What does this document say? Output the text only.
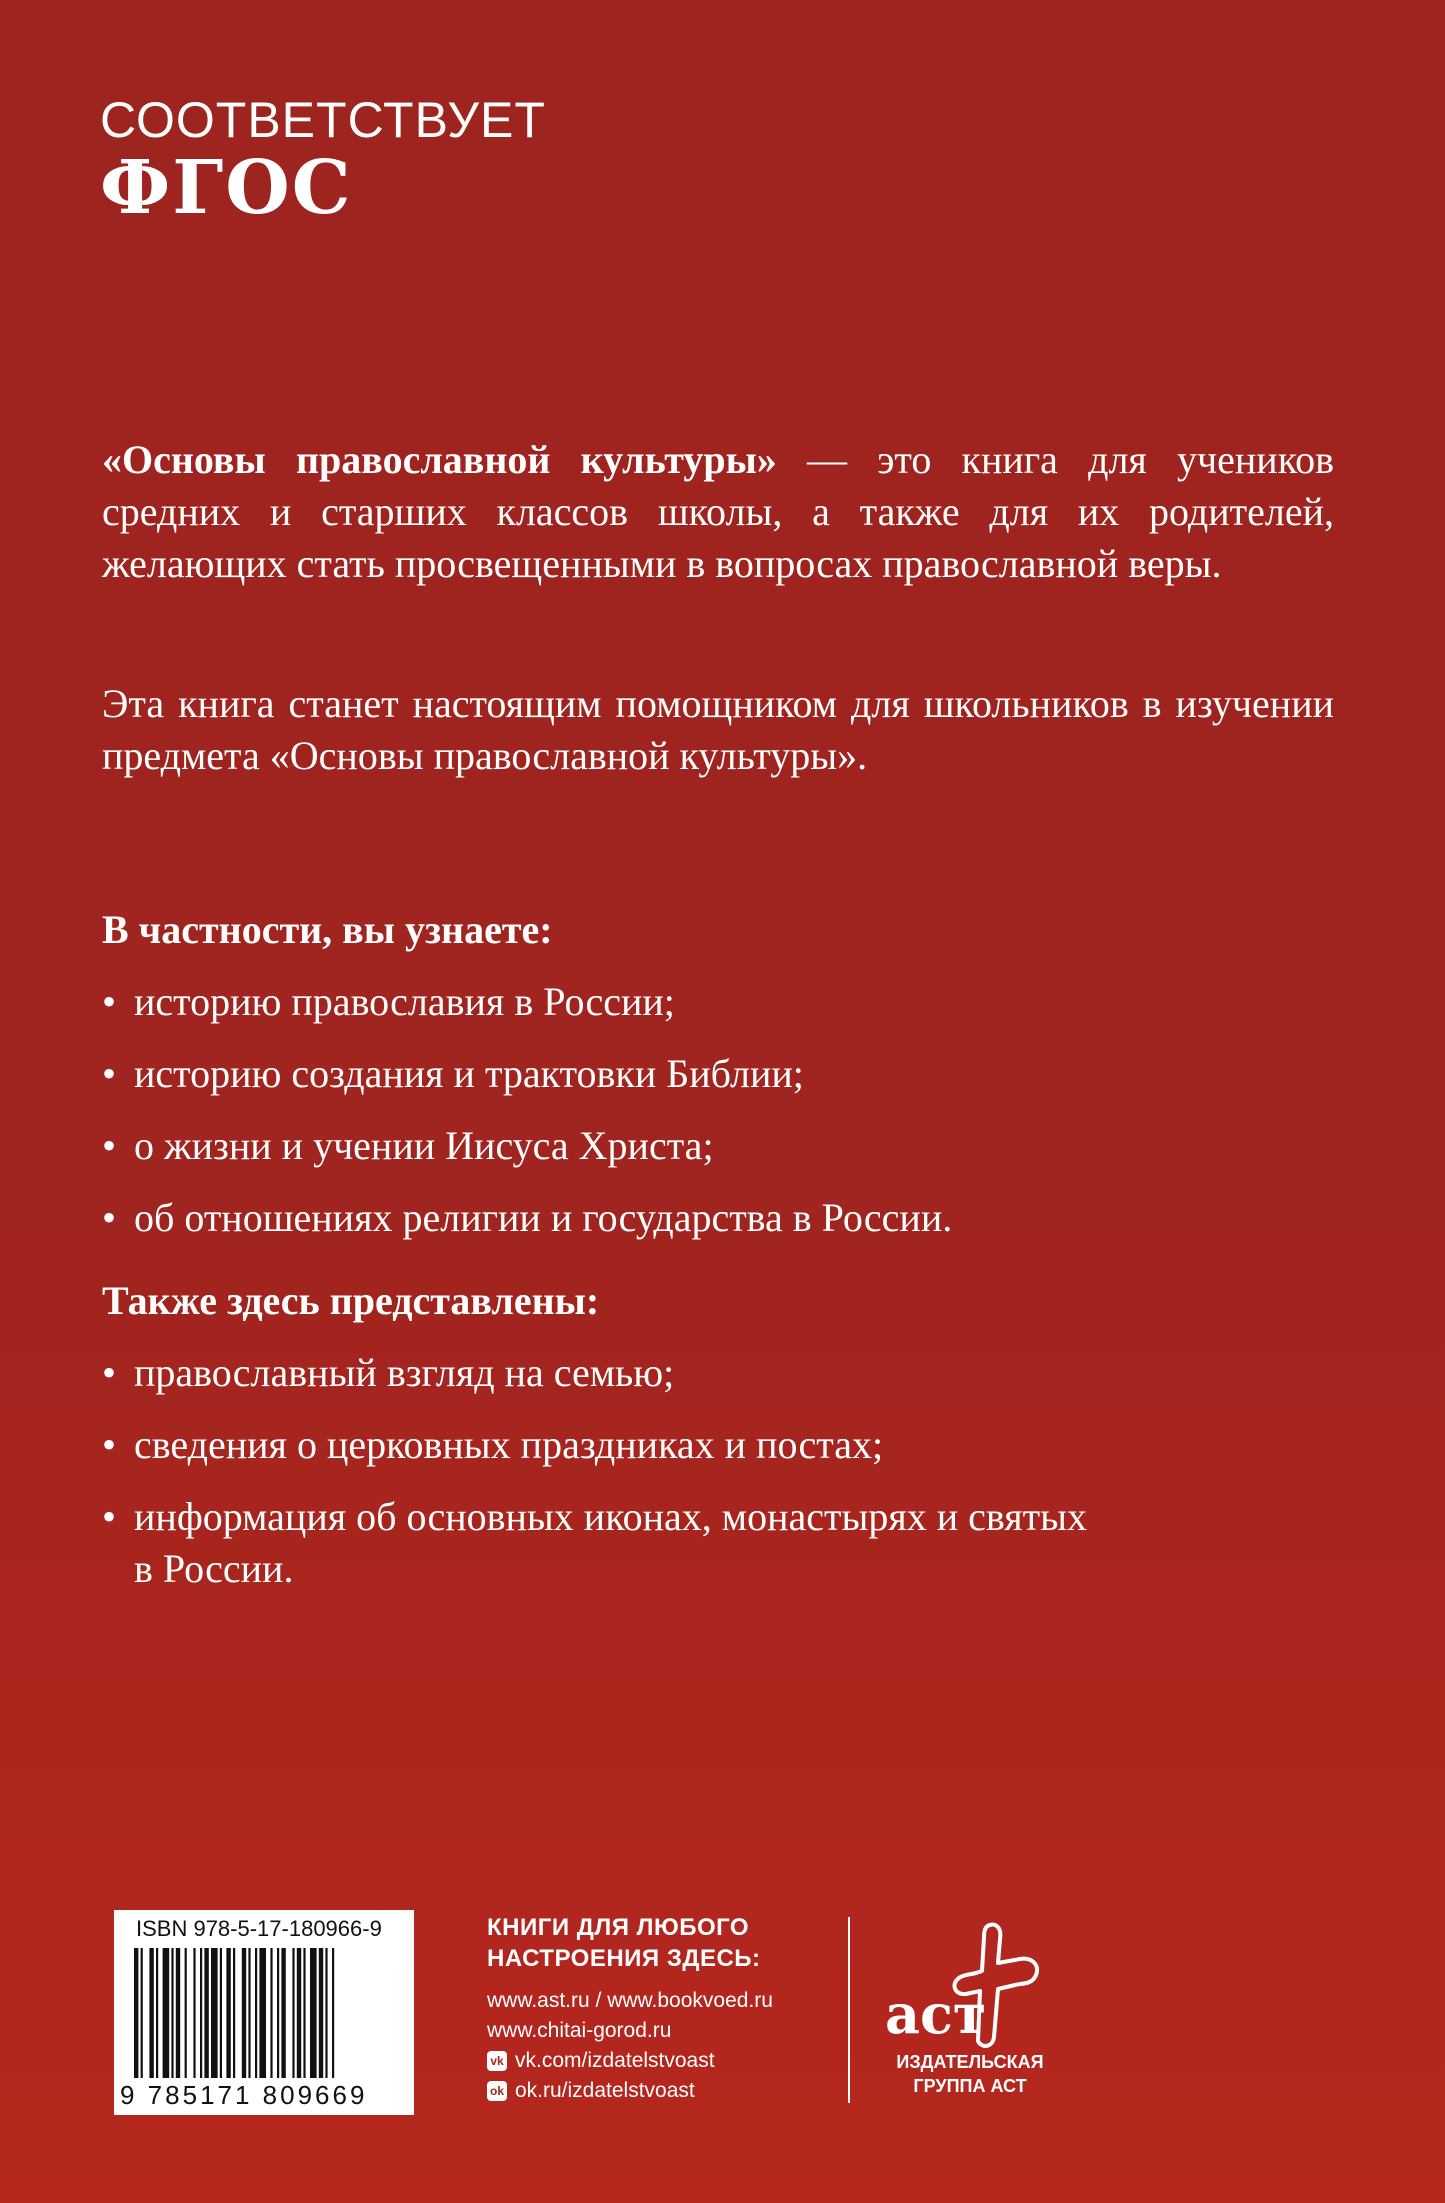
СООТВЕТСТВУЕТ
ФГОС
«Основы православной культуры» — это книга для учеников средних и старших классов школы, а также для их родителей, желающих стать просвещенными в вопросах православной веры.
Эта книга станет настоящим помощником для школьников в изучении предмета «Основы православной культуры».
В частности, вы узнаете:
• историю православия в России;
• историю создания и трактовки Библии;
• о жизни и учении Иисуса Христа;
• об отношениях религии и государства в России.
Также здесь представлены:
• православный взгляд на семью;
• сведения о церковных праздниках и постах;
• информация об основных иконах, монастырях и святых в России.
ISBN 978-5-17-180966-9
9 785171 809669
КНИГИ ДЛЯ ЛЮБОГО
НАСТРОЕНИЯ ЗДЕСЬ:
www.ast.ru / www.bookvoed.ru
www.chitai-gorod.ru
vk vk.com/izdatelstvoast
ok ok.ru/izdatelstvoast
аст
ИЗДАТЕЛЬСКАЯ
ГРУППА АСТ
